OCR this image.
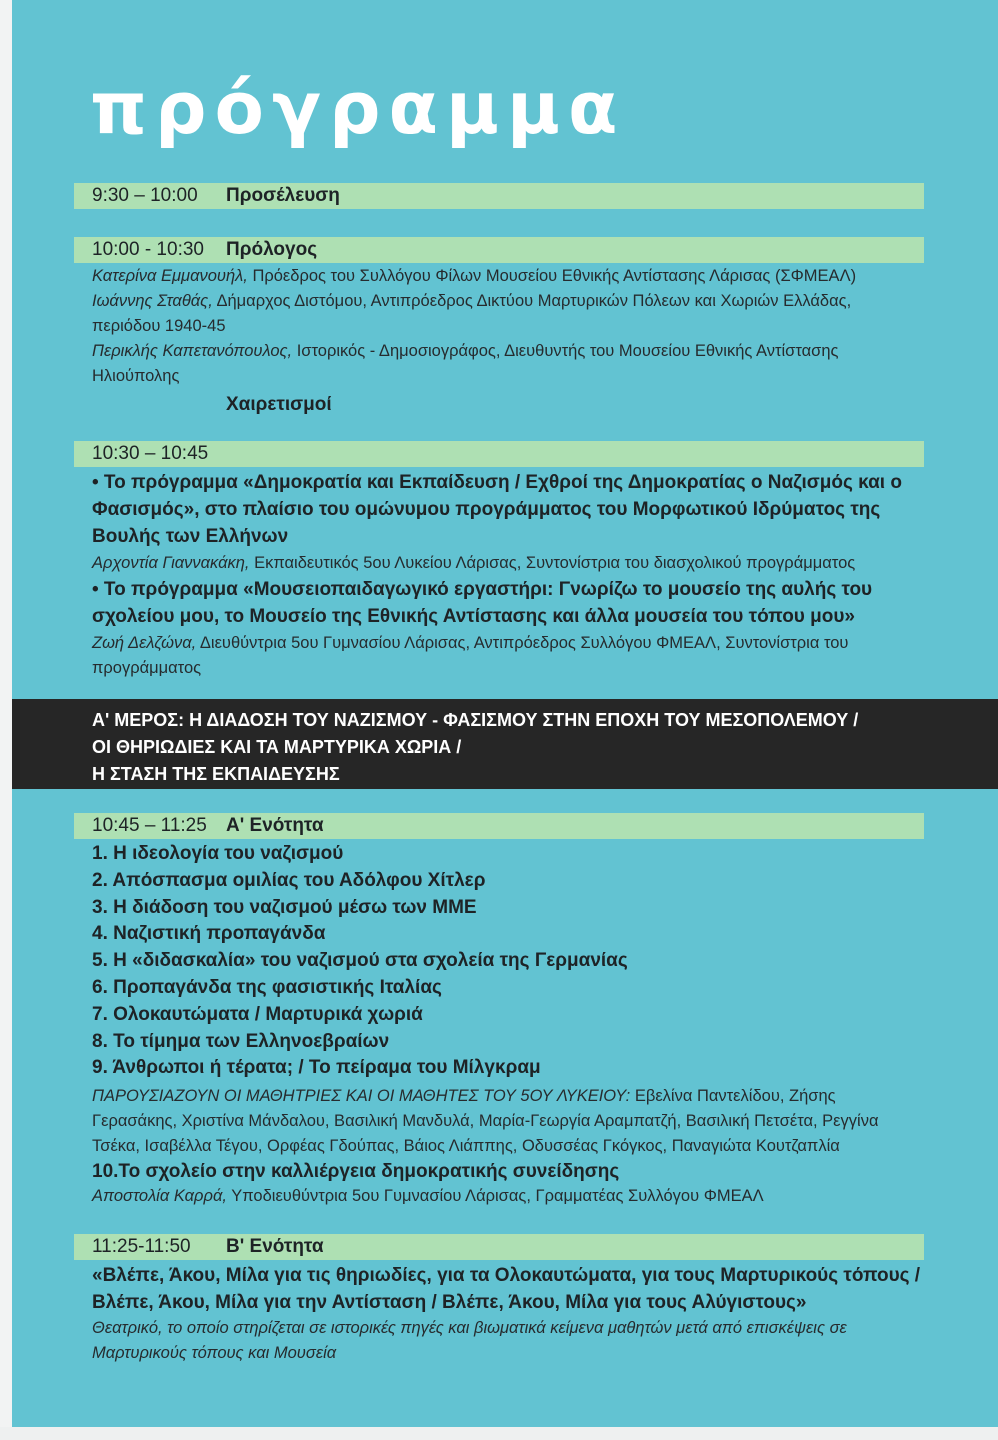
πρόγραμμα
9:30 – 10:00 Προσέλευση
10:00 - 10:30 Πρόλογος
Κατερίνα Εμμανουήλ, Πρόεδρος του Συλλόγου Φίλων Μουσείου Εθνικής Αντίστασης Λάρισας (ΣΦΜΕΑΛ)
Ιωάννης Σταθάς, Δήμαρχος Διστόμου, Αντιπρόεδρος Δικτύου Μαρτυρικών Πόλεων και Χωριών Ελλάδας, περιόδου 1940-45
Περικλής Καπετανόπουλος, Ιστορικός - Δημοσιογράφος, Διευθυντής του Μουσείου Εθνικής Αντίστασης Ηλιούπολης
Χαιρετισμοί
10:30 – 10:45
• Το πρόγραμμα «Δημοκρατία και Εκπαίδευση / Εχθροί της Δημοκρατίας ο Ναζισμός και ο Φασισμός», στο πλαίσιο του ομώνυμου προγράμματος του Μορφωτικού Ιδρύματος της Βουλής των Ελλήνων
Αρχοντία Γιαννακάκη, Εκπαιδευτικός 5ου Λυκείου Λάρισας, Συντονίστρια του διασχολικού προγράμματος
• Το πρόγραμμα «Μουσειοπαιδαγωγικό εργαστήρι: Γνωρίζω το μουσείο της αυλής του σχολείου μου, το Μουσείο της Εθνικής Αντίστασης και άλλα μουσεία του τόπου μου»
Ζωή Δελζώνα, Διευθύντρια 5ου Γυμνασίου Λάρισας, Αντιπρόεδρος Συλλόγου ΦΜΕΑΛ, Συντονίστρια του προγράμματος
Α' ΜΕΡΟΣ: Η ΔΙΑΔΟΣΗ ΤΟΥ ΝΑΖΙΣΜΟΥ - ΦΑΣΙΣΜΟΥ ΣΤΗΝ ΕΠΟΧΗ ΤΟΥ ΜΕΣΟΠΟΛΕΜΟΥ /
ΟΙ ΘΗΡΙΩΔΙΕΣ ΚΑΙ ΤΑ ΜΑΡΤΥΡΙΚΑ ΧΩΡΙΑ /
Η ΣΤΑΣΗ ΤΗΣ ΕΚΠΑΙΔΕΥΣΗΣ
10:45 – 11:25 Α' Ενότητα
1. Η ιδεολογία του ναζισμού
2. Απόσπασμα ομιλίας του Αδόλφου Χίτλερ
3. Η διάδοση του ναζισμού μέσω των ΜΜΕ
4. Ναζιστική προπαγάνδα
5. Η «διδασκαλία» του ναζισμού στα σχολεία της Γερμανίας
6. Προπαγάνδα της φασιστικής Ιταλίας
7. Ολοκαυτώματα / Μαρτυρικά χωριά
8. Το τίμημα των Ελληνοεβραίων
9. Άνθρωποι ή τέρατα; / Το πείραμα του Μίλγκραμ
ΠΑΡΟΥΣΙΑΖΟΥΝ ΟΙ ΜΑΘΗΤΡΙΕΣ ΚΑΙ ΟΙ ΜΑΘΗΤΕΣ ΤΟΥ 5ΟΥ ΛΥΚΕΙΟΥ: Εβελίνα Παντελίδου, Ζήσης Γερασάκης, Χριστίνα Μάνδαλου, Βασιλική Μανδυλά, Μαρία-Γεωργία Αραμπατζή, Βασιλική Πετσέτα, Ρεγγίνα Τσέκα, Ισαβέλλα Τέγου, Ορφέας Γδούπας, Βάιος Λιάππης, Οδυσσέας Γκόγκος, Παναγιώτα Κουτζαπλία
10.Το σχολείο στην καλλιέργεια δημοκρατικής συνείδησης
Αποστολία Καρρά, Υποδιευθύντρια 5ου Γυμνασίου Λάρισας, Γραμματέας Συλλόγου ΦΜΕΑΛ
11:25-11:50 Β' Ενότητα
«Βλέπε, Άκου, Μίλα για τις θηριωδίες, για τα Ολοκαυτώματα, για τους Μαρτυρικούς τόπους / Βλέπε, Άκου, Μίλα για την Αντίσταση / Βλέπε, Άκου, Μίλα για τους Αλύγιστους»
Θεατρικό, το οποίο στηρίζεται σε ιστορικές πηγές και βιωματικά κείμενα μαθητών μετά από επισκέψεις σε Μαρτυρικούς τόπους και Μουσεία
